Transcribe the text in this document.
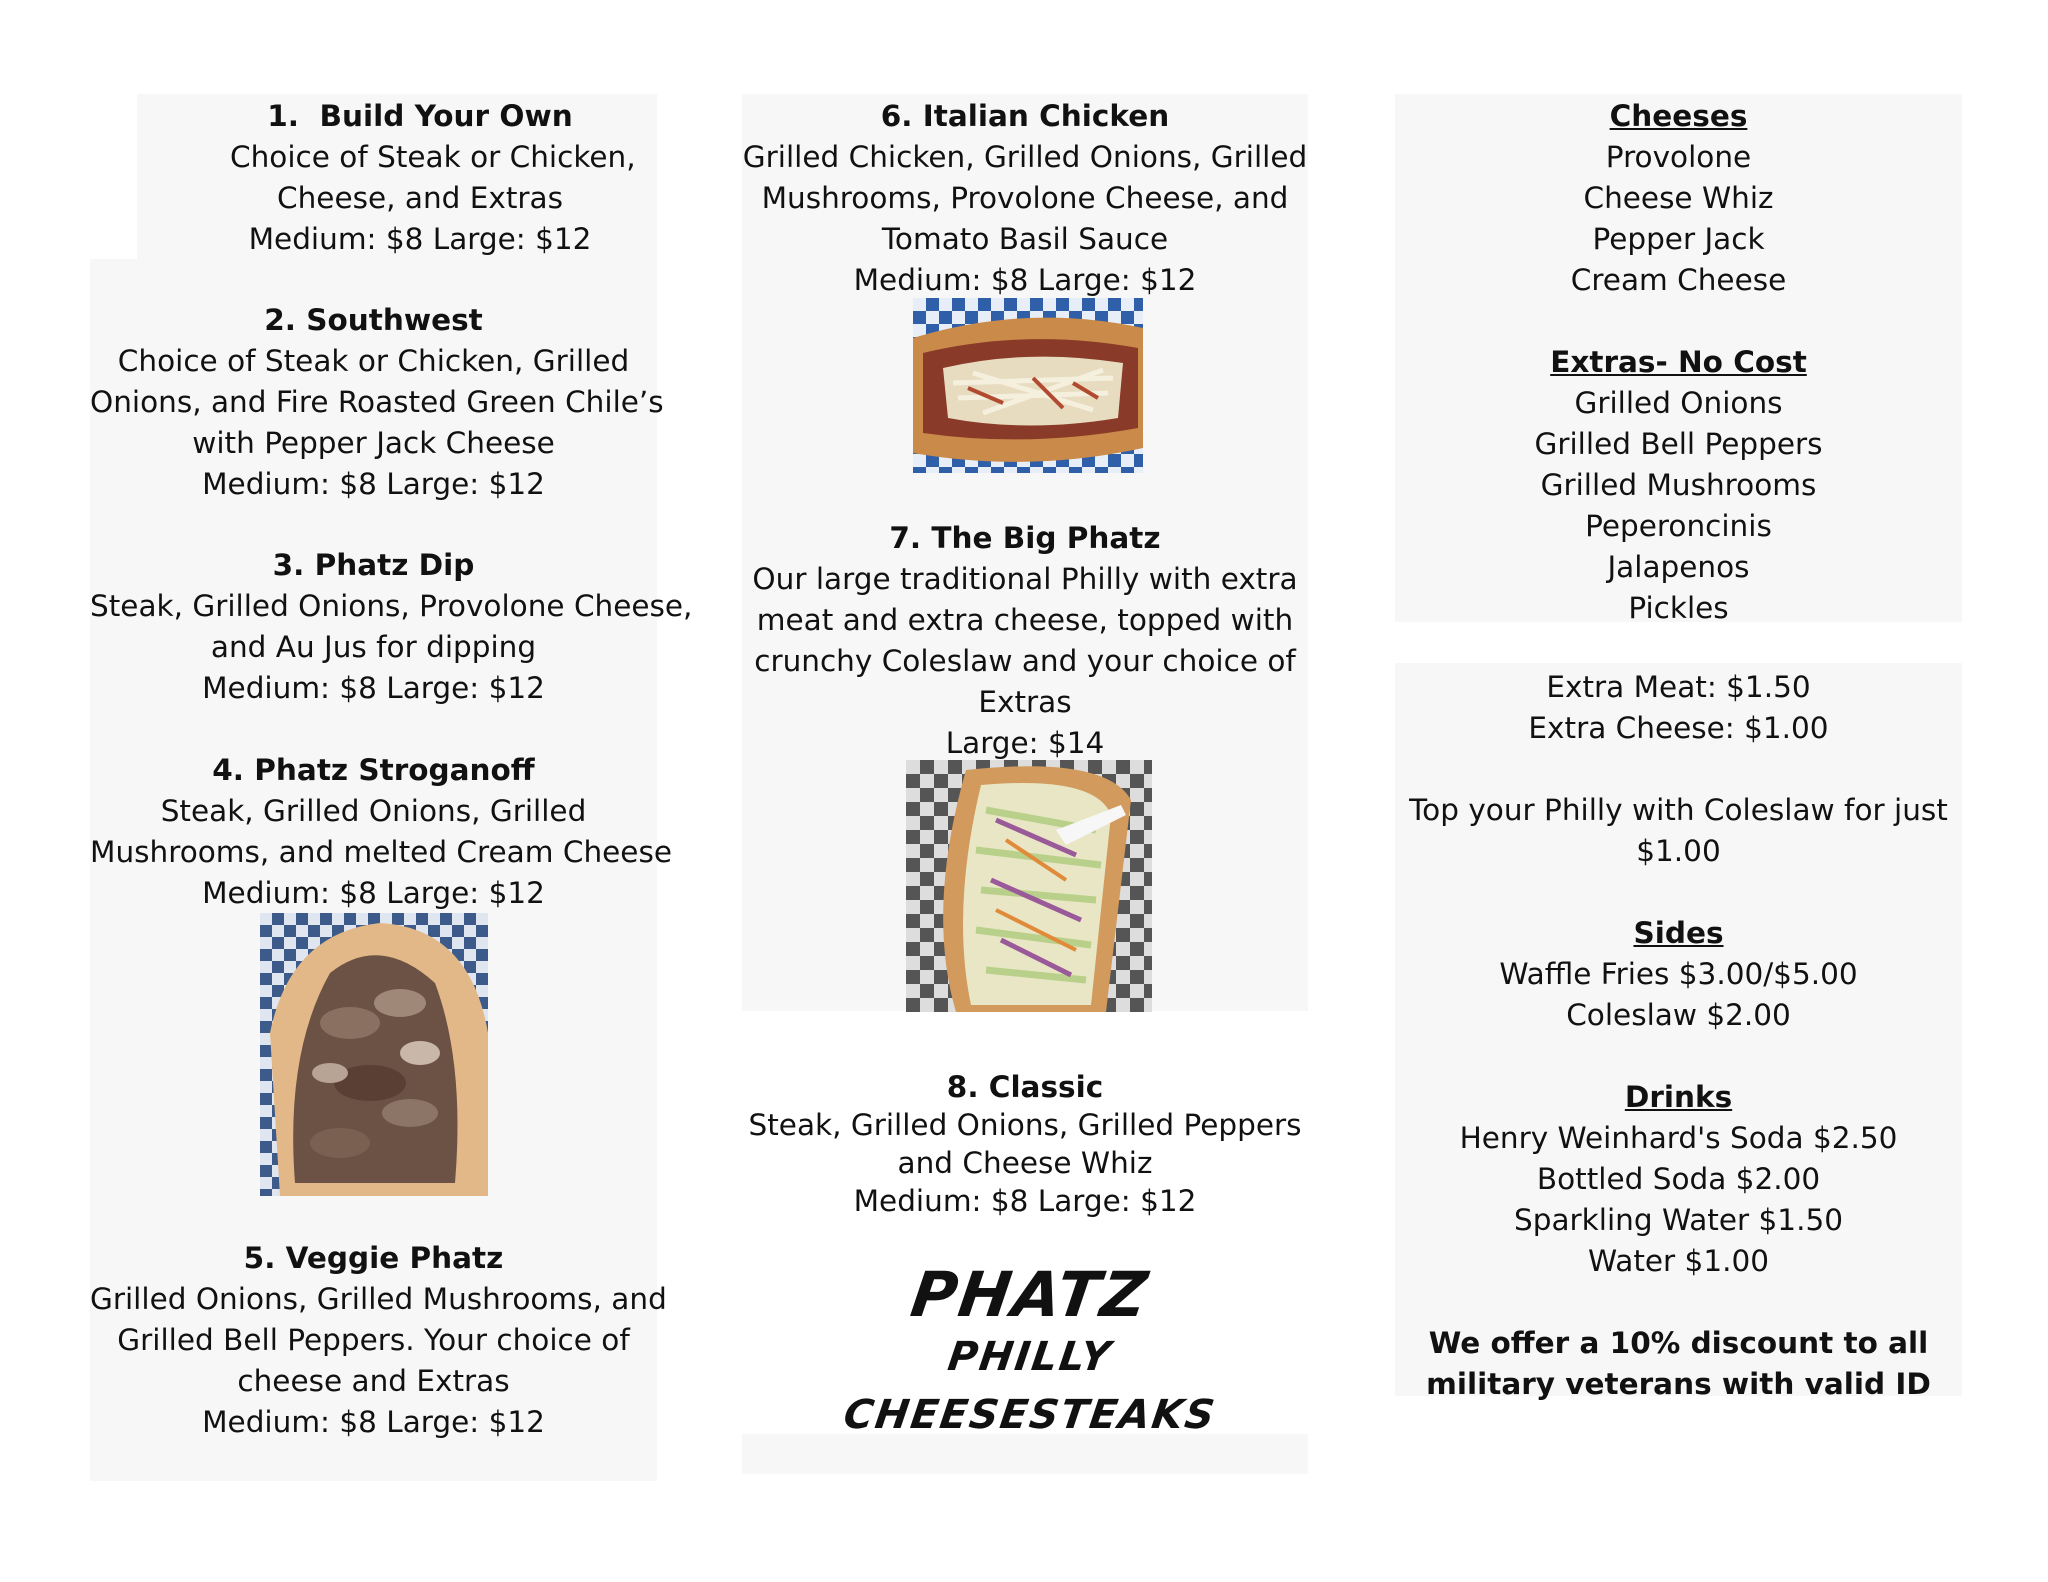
1.  Build Your Own
Choice of Steak or Chicken,
Cheese, and Extras
Medium: $8 Large: $12
2. Southwest
Choice of Steak or Chicken, Grilled
Onions, and Fire Roasted Green Chile’s
with Pepper Jack Cheese
Medium: $8 Large: $12
3. Phatz Dip
Steak, Grilled Onions, Provolone Cheese,
and Au Jus for dipping
Medium: $8 Large: $12
4. Phatz Stroganoff
Steak, Grilled Onions, Grilled
Mushrooms, and melted Cream Cheese
Medium: $8 Large: $12
5. Veggie Phatz
Grilled Onions, Grilled Mushrooms, and
Grilled Bell Peppers. Your choice of
cheese and Extras
Medium: $8 Large: $12
6. Italian Chicken
Grilled Chicken, Grilled Onions, Grilled
Mushrooms, Provolone Cheese, and
Tomato Basil Sauce
Medium: $8 Large: $12
7. The Big Phatz
Our large traditional Philly with extra
meat and extra cheese, topped with
crunchy Coleslaw and your choice of
Extras
Large: $14
8. Classic
Steak, Grilled Onions, Grilled Peppers
and Cheese Whiz
Medium: $8 Large: $12
PHATZ
PHILLY
CHEESESTEAKS
Cheeses
Provolone
Cheese Whiz
Pepper Jack
Cream Cheese
Extras- No Cost
Grilled Onions
Grilled Bell Peppers
Grilled Mushrooms
Peperoncinis
Jalapenos
Pickles
Extra Meat: $1.50
Extra Cheese: $1.00
Top your Philly with Coleslaw for just
$1.00
Sides
Waffle Fries $3.00/$5.00
Coleslaw $2.00
Drinks
Henry Weinhard's Soda $2.50
Bottled Soda $2.00
Sparkling Water $1.50
Water $1.00
We offer a 10% discount to all
military veterans with valid ID
